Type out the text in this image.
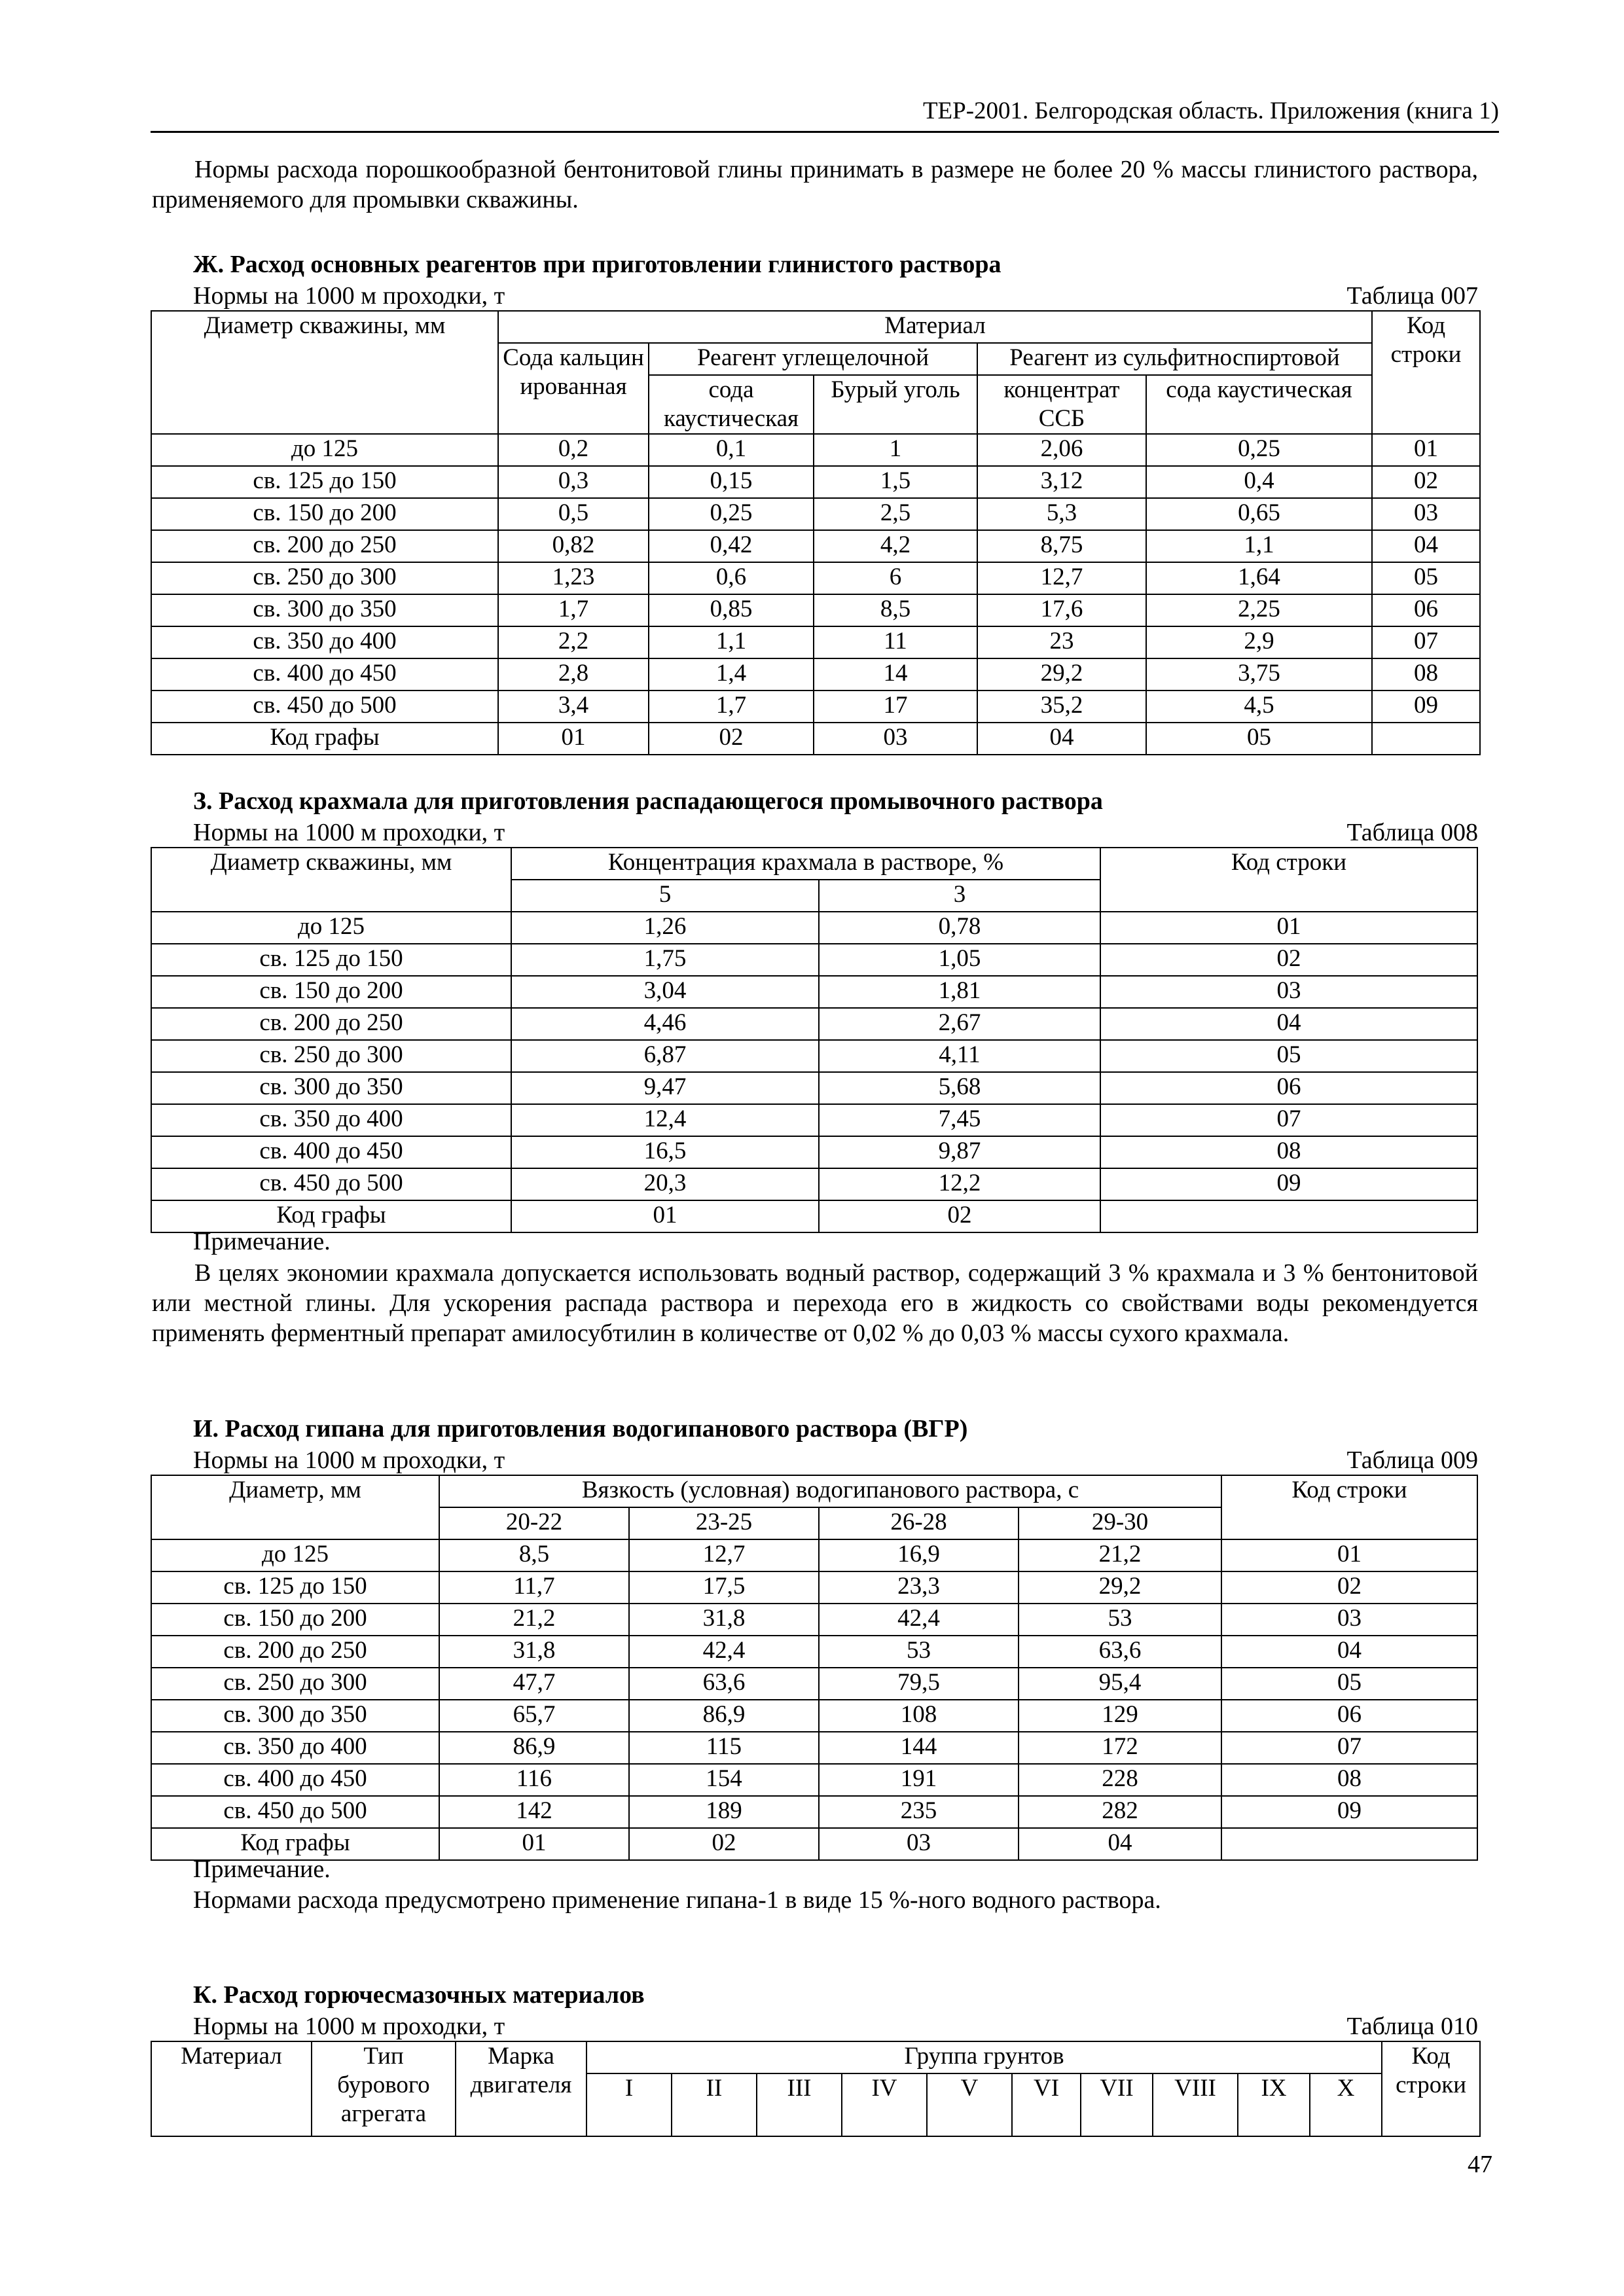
ТЕР-2001. Белгородская область. Приложения (книга 1)
Нормы расхода порошкообразной бентонитовой глины принимать в размере не более 20 % массы глинистого раствора, применяемого для промывки скважины.
Ж. Расход основных реагентов при приготовлении глинистого раствора
Нормы на 1000 м проходки, т	Таблица 007
Диаметр скважины, мм	Материал					Код строки
	Сода кальцинированная	Реагент углещелочной		Реагент из сульфитноспиртовой		
		сода каустическая	Бурый уголь	концентрат ССБ	сода каустическая	

до 125	0,2	0,1	1	2,06	0,25	01
св. 125 до 150	0,3	0,15	1,5	3,12	0,4	02
св. 150 до 200	0,5	0,25	2,5	5,3	0,65	03
св. 200 до 250	0,82	0,42	4,2	8,75	1,1	04
св. 250 до 300	1,23	0,6	6	12,7	1,64	05
св. 300 до 350	1,7	0,85	8,5	17,6	2,25	06
св. 350 до 400	2,2	1,1	11	23	2,9	07
св. 400 до 450	2,8	1,4	14	29,2	3,75	08
св. 450 до 500	3,4	1,7	17	35,2	4,5	09
Код графы	01	02	03	04	05	
З. Расход крахмала для приготовления распадающегося промывочного раствора
Нормы на 1000 м проходки, т	Таблица 008
Диаметр скважины, мм	Концентрация крахмала в растворе, %		Код строки
	5	3	
до 125	1,26	0,78	01
св. 125 до 150	1,75	1,05	02
св. 150 до 200	3,04	1,81	03
св. 200 до 250	4,46	2,67	04
св. 250 до 300	6,87	4,11	05
св. 300 до 350	9,47	5,68	06
св. 350 до 400	12,4	7,45	07
св. 400 до 450	16,5	9,87	08
св. 450 до 500	20,3	12,2	09
Код графы	01	02	
Примечание.
В целях экономии крахмала допускается использовать водный раствор, содержащий 3 % крахмала и 3 % бентонитовой или местной глины. Для ускорения распада раствора и перехода его в жидкость со свойствами воды рекомендуется применять ферментный препарат амилосубтилин в количестве от 0,02 % до 0,03 % массы сухого крахмала.
И. Расход гипана для приготовления водогипанового раствора (ВГР)
Нормы на 1000 м проходки, т	Таблица 009
Диаметр, мм	Вязкость (условная) водогипанового раствора, с				Код строки
	20-22	23-25	26-28	29-30	
до 125	8,5	12,7	16,9	21,2	01
св. 125 до 150	11,7	17,5	23,3	29,2	02
св. 150 до 200	21,2	31,8	42,4	53	03
св. 200 до 250	31,8	42,4	53	63,6	04
св. 250 до 300	47,7	63,6	79,5	95,4	05
св. 300 до 350	65,7	86,9	108	129	06
св. 350 до 400	86,9	115	144	172	07
св. 400 до 450	116	154	191	228	08
св. 450 до 500	142	189	235	282	09
Код графы	01	02	03	04	
Примечание.
Нормами расхода предусмотрено применение гипана-1 в виде 15 %-ного водного раствора.
К. Расход горючесмазочных материалов
Нормы на 1000 м проходки, т	Таблица 010
Материал	Тип бурового агрегата	Марка двигателя	Группа грунтов										Код строки
			I	II	III	IV	V	VI	VII	VIII	IX	X	
47
